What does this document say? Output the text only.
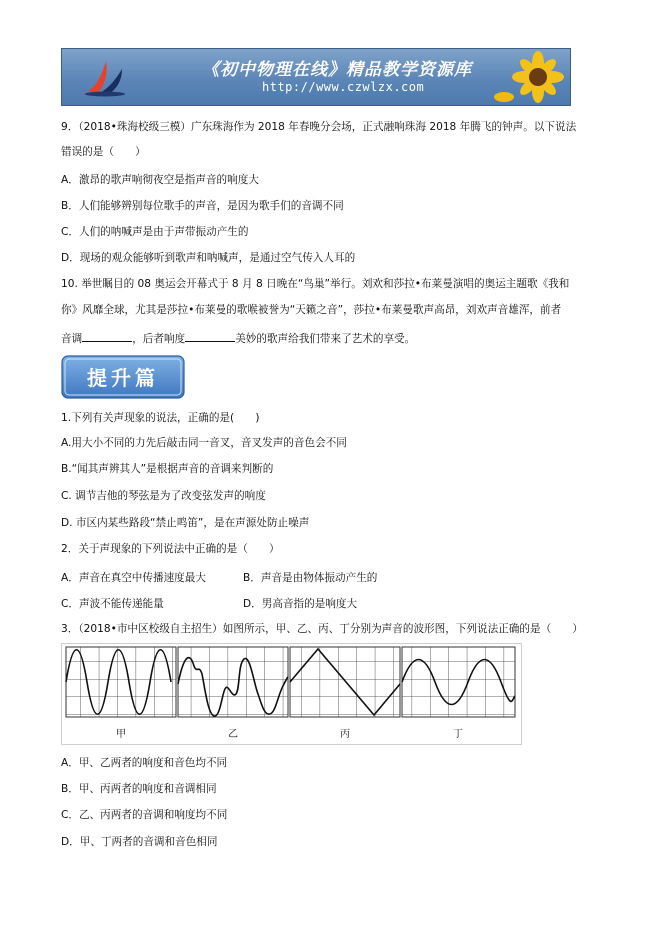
《初中物理在线》精品教学资源库
http://www.czwlzx.com
9．（2018•珠海校级三模）广东珠海作为 2018 年春晚分会场，正式融响珠海 2018 年腾飞的钟声。以下说法
错误的是（　　）
A．激昂的歌声响彻夜空是指声音的响度大
B．人们能够辨别每位歌手的声音，是因为歌手们的音调不同
C．人们的呐喊声是由于声带振动产生的
D．现场的观众能够听到歌声和呐喊声，是通过空气传入人耳的
10. 举世瞩目的 08 奥运会开幕式于 8 月 8 日晚在“鸟巢”举行。刘欢和莎拉•布莱曼演唱的奥运主题歌《我和
你》风靡全球，尤其是莎拉•布莱曼的歌喉被誉为“天籁之音”，莎拉•布莱曼歌声高昂，刘欢声音雄浑，前者
音调	，后者响度	美妙的歌声给我们带来了艺术的享受。
提升篇
1.下列有关声现象的说法，正确的是(　　)
A.用大小不同的力先后敲击同一音叉，音叉发声的音色会不同
B.“闻其声辨其人”是根据声音的音调来判断的
C. 调节吉他的琴弦是为了改变弦发声的响度
D. 市区内某些路段“禁止鸣笛”，是在声源处防止噪声
2．关于声现象的下列说法中正确的是（　　）
A．声音在真空中传播速度最大	B．声音是由物体振动产生的
C．声波不能传递能量	D．男高音指的是响度大
3．（2018•市中区校级自主招生）如图所示，甲、乙、丙、丁分别为声音的波形图，下列说法正确的是（　　）
甲	乙	丙	丁
A．甲、乙两者的响度和音色均不同
B．甲、丙两者的响度和音调相同
C．乙、丙两者的音调和响度均不同
D．甲、丁两者的音调和音色相同
